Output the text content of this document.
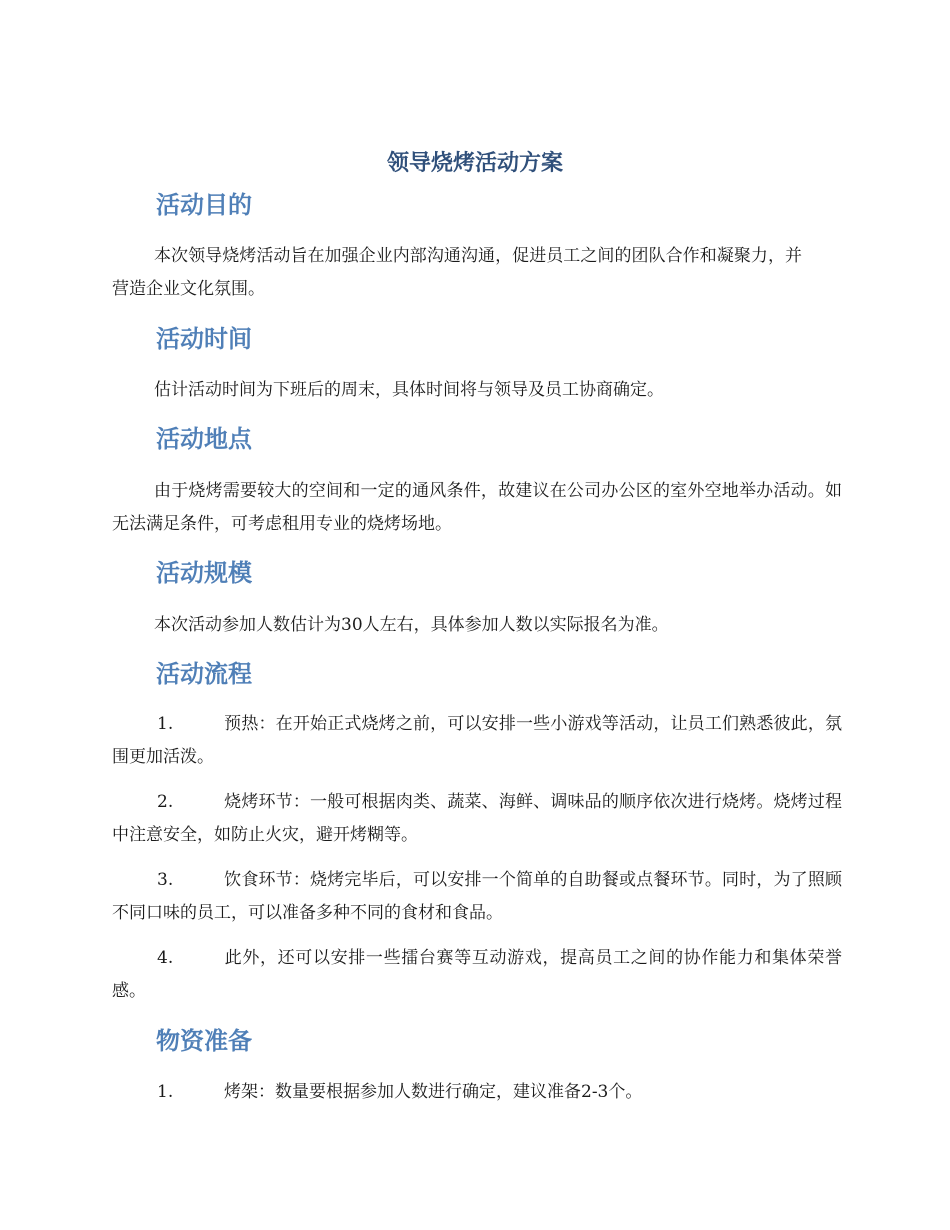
领导烧烤活动方案
活动目的
本次领导烧烤活动旨在加强企业内部沟通沟通，促进员工之间的团队合作和凝聚力，并营造企业文化氛围。
活动时间
估计活动时间为下班后的周末，具体时间将与领导及员工协商确定。
活动地点
由于烧烤需要较大的空间和一定的通风条件，故建议在公司办公区的室外空地举办活动。如无法满足条件，可考虑租用专业的烧烤场地。
活动规模
本次活动参加人数估计为30人左右，具体参加人数以实际报名为准。
活动流程
1.	预热：在开始正式烧烤之前，可以安排一些小游戏等活动，让员工们熟悉彼此，氛围更加活泼。
2.	烧烤环节：一般可根据肉类、蔬菜、海鲜、调味品的顺序依次进行烧烤。烧烤过程中注意安全，如防止火灾，避开烤糊等。
3.	饮食环节：烧烤完毕后，可以安排一个简单的自助餐或点餐环节。同时，为了照顾不同口味的员工，可以准备多种不同的食材和食品。
4.	此外，还可以安排一些擂台赛等互动游戏，提高员工之间的协作能力和集体荣誉感。
物资准备
1.	烤架：数量要根据参加人数进行确定，建议准备2-3个。
